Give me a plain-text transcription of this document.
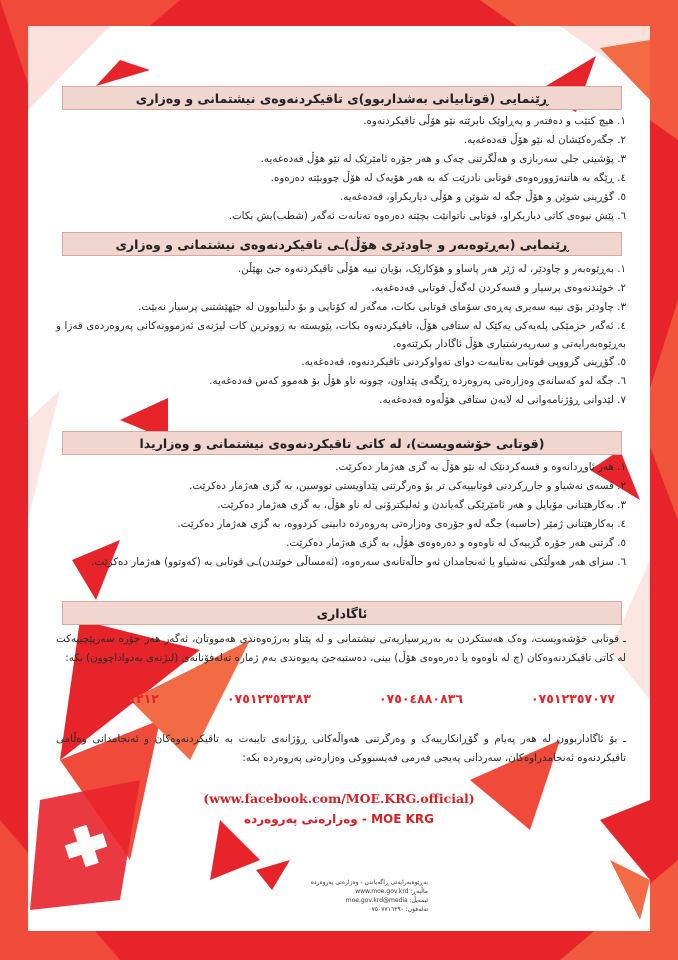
ڕێنمایی (قوتابیانی بەشداربوو)ی تاقیکردنەوەی نیشتمانی و وەزاری
١. هیچ کتێب و دەفتەر و پەڕاوێک نابرێتە نێو هۆڵی تاقیکردنەوە.
٢. جگەرەکێشان لە نێو هۆڵ قەدەغەیە.
٣. پۆشینی جلی سەربازی و هەڵگرتنی چەک و هەر جۆرە ئامێرێک لە نێو هۆڵ قەدەغەیە.
٤. ڕێگە بە هاتنەژوورەوەی قوتابی نادرێت کە بە هەر هۆیەک لە هۆڵ چووبێتە دەرەوە.
٥. گۆڕینی شوێن و هۆڵ جگە لە شوێن و هۆڵی دیاریکراو، قەدەغەیە.
٦. پێش نیوەی کاتی دیاریکراو، قوتابی ناتوانێت بچێتە دەرەوە تەنانەت ئەگەر (شطب)یش بکات.
ڕێنمایی (بەڕێوەبەر و چاودێری هۆڵ)ـی تاقیکردنەوەی نیشتمانی و وەزاری
١. بەڕێوەبەر و چاودێر، لە ژێر هەر پاساو و هۆکارێک، بۆیان نییە هۆڵی تاقیکردنەوە جێ بهێڵن.
٢. خوێندنەوەی پرسیار و قسەکردن لەگەڵ قوتابی قەدەغەیە.
٣. چاودێر بۆی نییە سەیری پەڕەی سۆمای قوتابی بکات، مەگەر لە کۆتایی و بۆ دڵنیابوون لە جێهێشتنی پرسیار نەبێت.
٤. ئەگەر خزمێکی پلەیەکی یەکێک لە ستافی هۆڵ، تاقیکردنەوە بکات، پێویستە بە زووترین کات لیژنەی ئەزموونەکانی پەروەردەی قەزا و بەڕێوەبەرایەتی و سەرپەرشتیاری هۆڵ ئاگادار بکرێتەوە.
٥. گۆڕینی گرووپی قوتابی بەتایبەت دوای تەواوکردنی تاقیکردنەوە، قەدەغەیە.
٦. جگە لەو کەسانەی وەزارەتی پەروەردە ڕێگەی پێداون، چوونە ناو هۆڵ بۆ هەموو کەس قەدەغەیە.
٧. لێدوانی ڕۆژنامەوانی لە لایەن ستافی هۆڵەوە قەدەغەیە.
(قوتابی خۆشەویست)، لە کاتی تاقیکردنەوەی نیشتمانی و وەزاریدا
١. هەر ئاوڕدانەوە و قسەکردنێک لە نێو هۆڵ بە گزی هەژمار دەکرێت.
٢. قسەی نەشیاو و جارڕکردنی قوتابییەکی تر بۆ وەرگرتنی پێداویستی نووسین، بە گزی هەژمار دەکرێت.
٣. بەکارهێنانی مۆبایل و هەر ئامێرێکی گەیاندن و ئەلیکترۆنی لە ناو هۆڵ، بە گزی هەژمار دەکرێت.
٤. بەکارهێنانی ژمێر (حاسبە) جگە لەو جۆرەی وەزارەتی پەروەردە دابینی کردووە، بە گزی هەژمار دەکرێت.
٥. گرتنی هەر جۆرە گزییەک لە ناوەوە و دەرەوەی هۆڵ، بە گزی هەژمار دەکرێت.
٦. سزای هەر هەوڵێکی نەشیاو یا ئەنجامدان ئەو حاڵەتانەی سەرەوە، (ئەمساڵی خوێندن)ـی قوتابی بە (کەوتوو) هەژمار دەکرێت.
ئاگاداری

ـ قوتابی خۆشەویست، وەک هەستکردن بە بەرپرسیاریەتی نیشتمانی و لە پێناو بەرژەوەندی هەمووتان، ئەگەر هەر جۆرە سەرپێچییەکت لە کاتی تاقیکردنەوەکان (چ لە ناوەوە یا دەرەوەی هۆڵ) بینی، دەستبەجێ پەیوەندی بەم ژمارە تەلەفۆنانەی (لیژنەی بەدواداچوون) بکە:

٠٧٥٠١١٤١٢١٢	٠٧٥١٢٣٥٣٣٨٣	٠٧٥٠٤٨٨٠٨٣٦	٠٧٥١٢٣٥٧٠٧٧

ـ بۆ ئاگاداربوون لە هەر پەیام و گۆڕانکارییەک و وەرگرتنی هەواڵەکانی ڕۆژانەی تایبەت بە تاقیکردنەوەکان و ئەنجامدانی وەڵامی تاقیکردنەوە ئەنجامدراوەکان، سەردانی پەیجی فەرمی فەیسبووکی وەزارەتی پەروەردە بکە:

(www.facebook.com/MOE.KRG.official)
MOE KRG - وەزارەتی پەروەردە
بەڕێوەبەرایەتی ڕاگەیاندن - وەزارەتی پەروەردە
ماڵپەڕ: www.moe.gov.krd
ئیمەیڵ: moe.gov.krd@media
تەلەفۆن: ٠٧٥٠٧٧١٦٣٩٠
